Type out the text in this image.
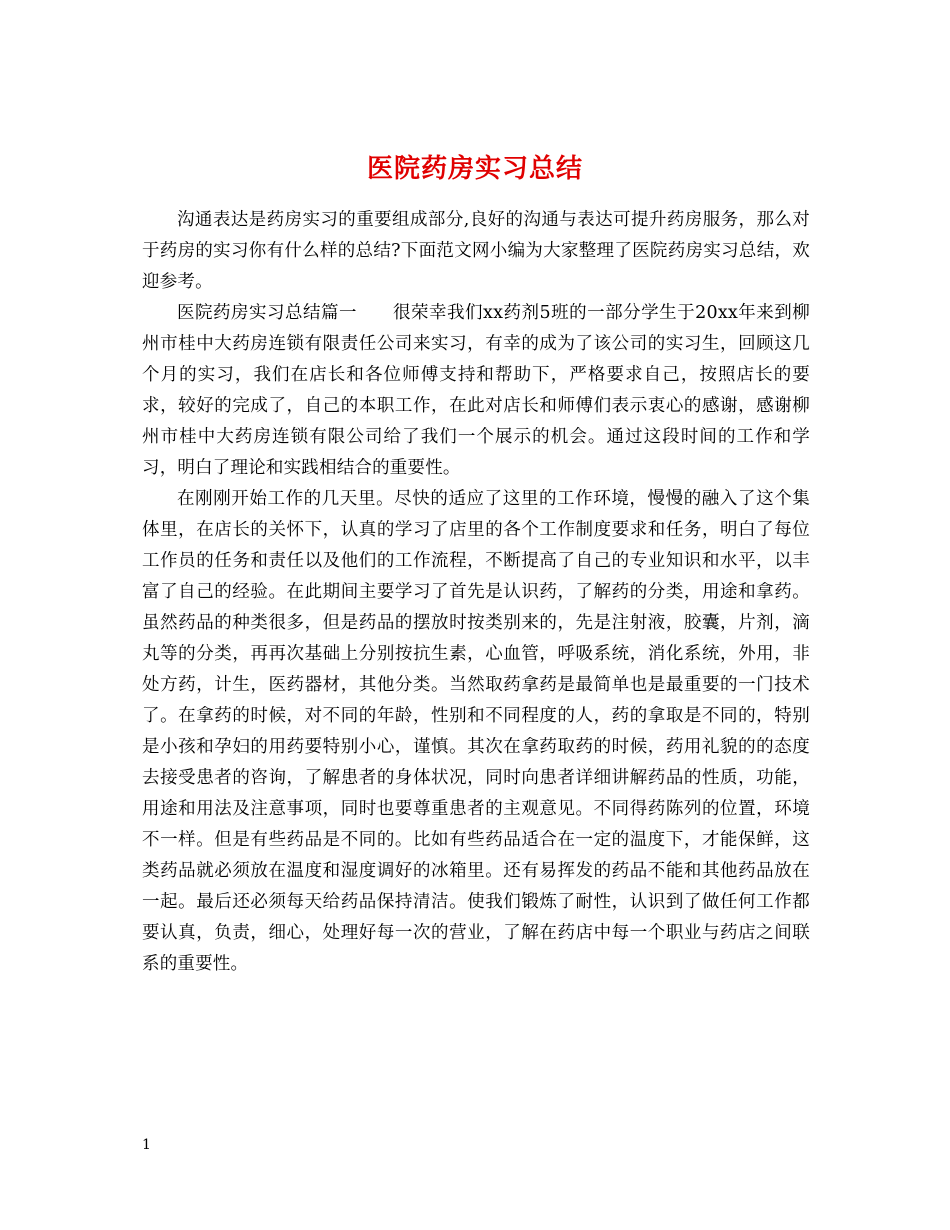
医院药房实习总结

沟通表达是药房实习的重要组成部分,良好的沟通与表达可提升药房服务，那么对于药房的实习你有什么样的总结?下面范文网小编为大家整理了医院药房实习总结，欢迎参考。

医院药房实习总结篇一　　很荣幸我们xx药剂5班的一部分学生于20xx年来到柳州市桂中大药房连锁有限责任公司来实习，有幸的成为了该公司的实习生，回顾这几个月的实习，我们在店长和各位师傅支持和帮助下，严格要求自己，按照店长的要求，较好的完成了，自己的本职工作，在此对店长和师傅们表示衷心的感谢，感谢柳州市桂中大药房连锁有限公司给了我们一个展示的机会。通过这段时间的工作和学习，明白了理论和实践相结合的重要性。

在刚刚开始工作的几天里。尽快的适应了这里的工作环境，慢慢的融入了这个集体里，在店长的关怀下，认真的学习了店里的各个工作制度要求和任务，明白了每位工作员的任务和责任以及他们的工作流程，不断提高了自己的专业知识和水平，以丰富了自己的经验。在此期间主要学习了首先是认识药，了解药的分类，用途和拿药。虽然药品的种类很多，但是药品的摆放时按类别来的，先是注射液，胶囊，片剂，滴丸等的分类，再再次基础上分别按抗生素，心血管，呼吸系统，消化系统，外用，非处方药，计生，医药器材，其他分类。当然取药拿药是最简单也是最重要的一门技术了。在拿药的时候，对不同的年龄，性别和不同程度的人，药的拿取是不同的，特别是小孩和孕妇的用药要特别小心，谨慎。其次在拿药取药的时候，药用礼貌的的态度去接受患者的咨询，了解患者的身体状况，同时向患者详细讲解药品的性质，功能，用途和用法及注意事项，同时也要尊重患者的主观意见。不同得药陈列的位置，环境不一样。但是有些药品是不同的。比如有些药品适合在一定的温度下，才能保鲜，这类药品就必须放在温度和湿度调好的冰箱里。还有易挥发的药品不能和其他药品放在一起。最后还必须每天给药品保持清洁。使我们锻炼了耐性，认识到了做任何工作都要认真，负责，细心，处理好每一次的营业，了解在药店中每一个职业与药店之间联系的重要性。

1
